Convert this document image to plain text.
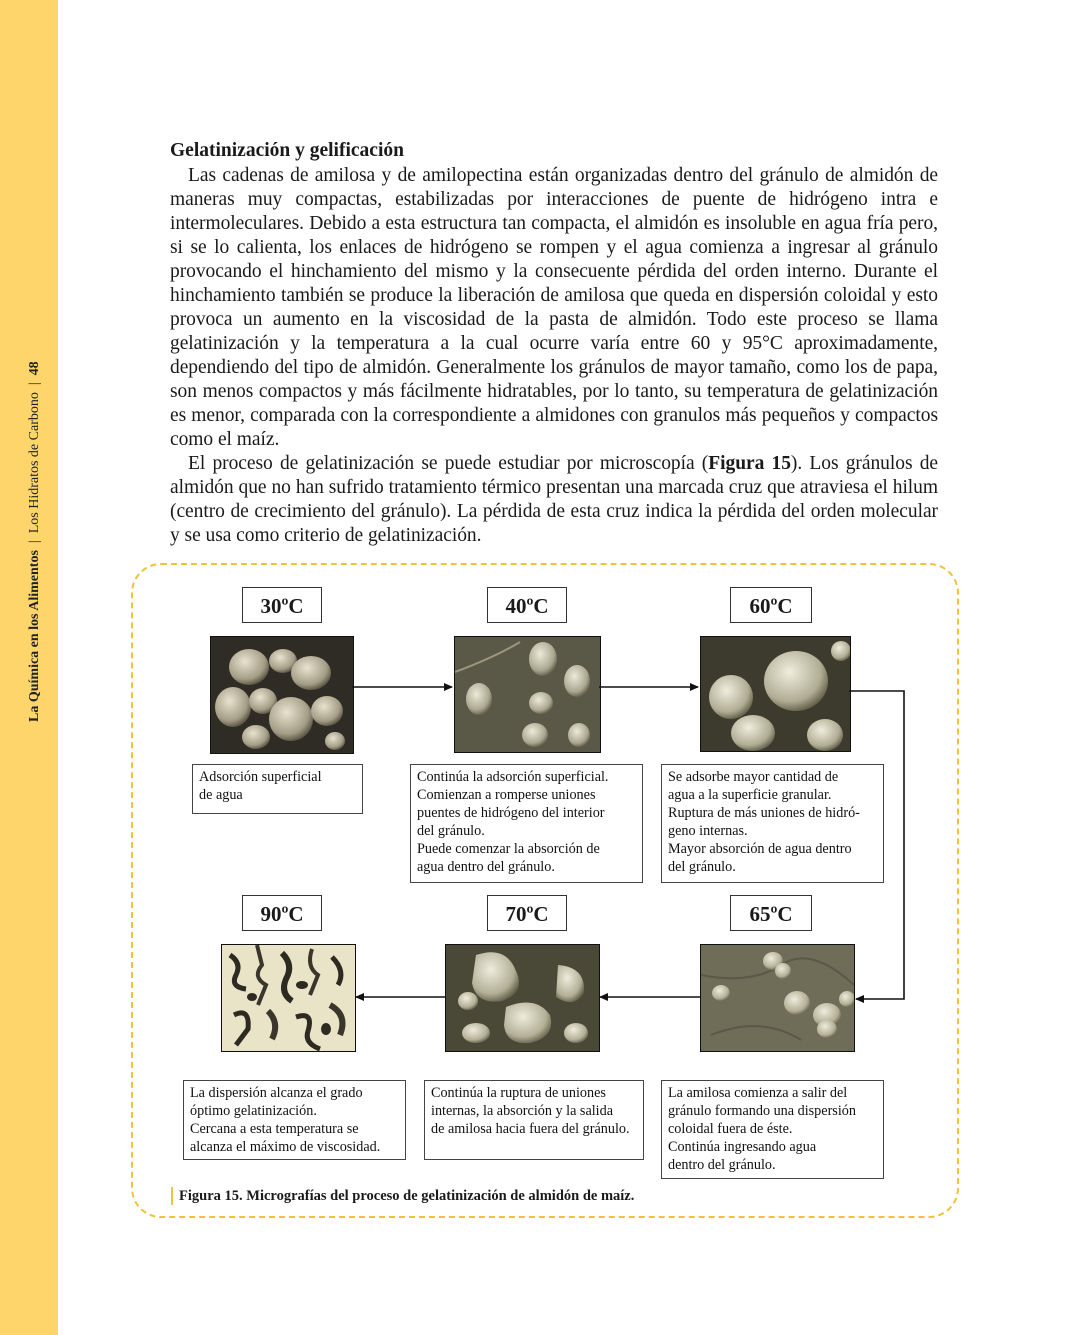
La Química en los Alimentos|Los Hidratos de Carbono|48

Gelatinización y gelificación

Las cadenas de amilosa y de amilopectina están organizadas dentro del gránulo de almidón de maneras muy compactas, estabilizadas por interacciones de puente de hidrógeno intra e intermoleculares. Debido a esta estructura tan compacta, el almidón es insoluble en agua fría pero, si se lo calienta, los enlaces de hidrógeno se rompen y el agua comienza a ingresar al gránulo provocando el hinchamiento del mismo y la consecuente pérdida del orden interno. Durante el hinchamiento también se produce la liberación de amilosa que queda en dispersión coloidal y esto provoca un aumento en la viscosidad de la pasta de almidón. Todo este proceso se llama gelatinización y la temperatura a la cual ocurre varía entre 60 y 95°C aproximadamente, dependiendo del tipo de almidón. Generalmente los gránulos de mayor tamaño, como los de papa, son menos compactos y más fácilmente hidratables, por lo tanto, su temperatura de gelatinización es menor, comparada con la correspondiente a almidones con granulos más pequeños y compactos como el maíz.

El proceso de gelatinización se puede estudiar por microscopía (Figura 15). Los gránulos de almidón que no han sufrido tratamiento térmico presentan una marcada cruz que atraviesa el hilum (centro de crecimiento del gránulo). La pérdida de esta cruz indica la pérdida del orden molecular y se usa como criterio de gelatinización.

30ºC	40ºC	60ºC
90ºC	70ºC	65ºC
Adsorción superficial
de agua
Continúa la adsorción superficial.
Comienzan a romperse uniones
puentes de hidrógeno del interior
del gránulo.
Puede comenzar la absorción de
agua dentro del gránulo.
Se adsorbe mayor cantidad de
agua a la superficie granular.
Ruptura de más uniones de hidró-
geno internas.
Mayor absorción de agua dentro
del gránulo.
La dispersión alcanza el grado
óptimo gelatinización.
Cercana a esta temperatura se
alcanza el máximo de viscosidad.
Continúa la ruptura de uniones
internas, la absorción y la salida
de amilosa hacia fuera del gránulo.
La amilosa comienza a salir del
gránulo formando una dispersión
coloidal fuera de éste.
Continúa ingresando agua
dentro del gránulo.
Figura 15. Micrografías del proceso de gelatinización de almidón de maíz.
